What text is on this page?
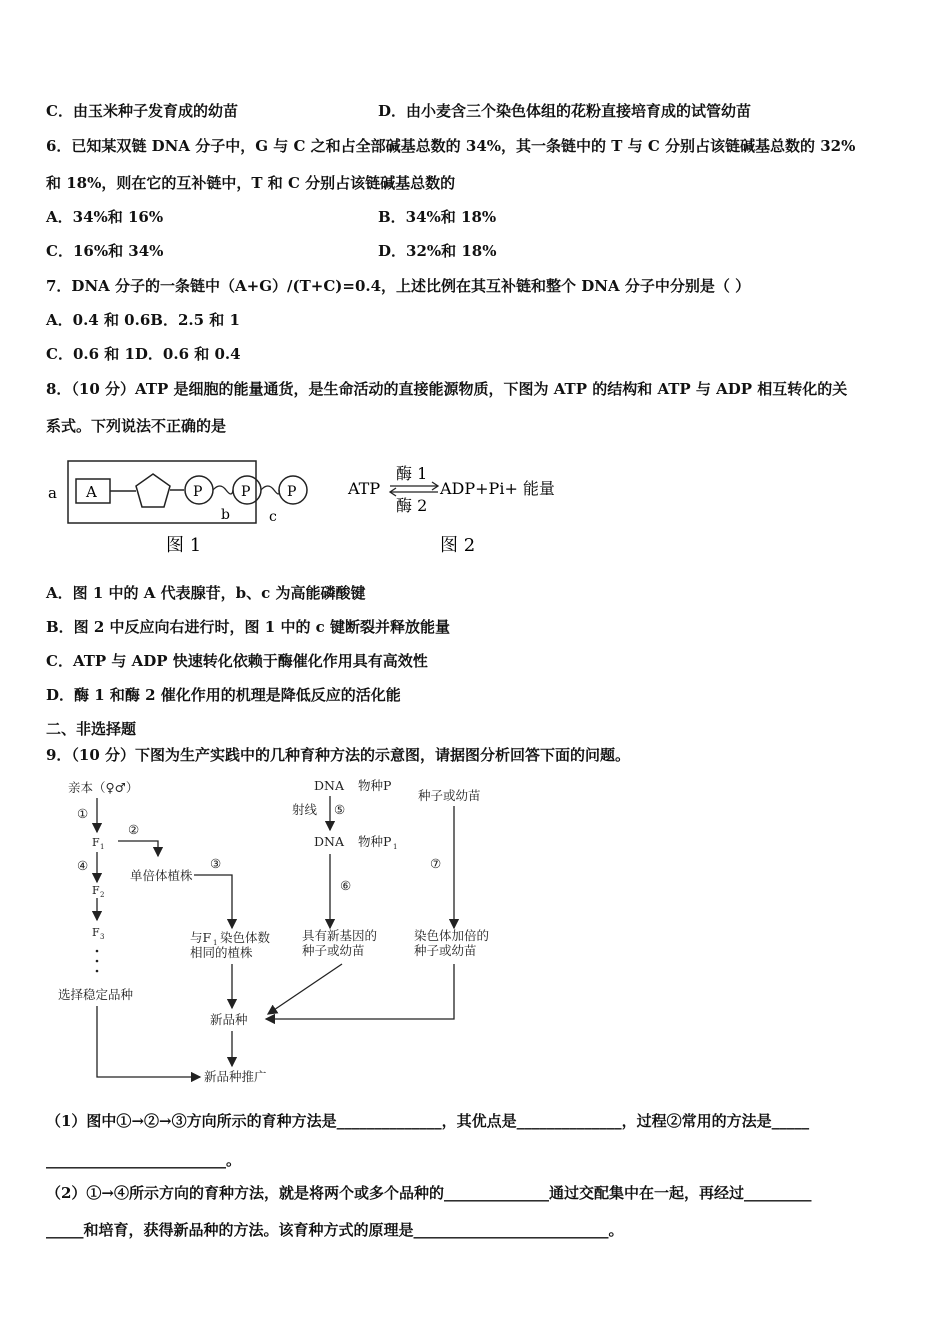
C．由玉米种子发育成的幼苗	D．由小麦含三个染色体组的花粉直接培育成的试管幼苗
6．已知某双链 DNA 分子中，G 与 C 之和占全部碱基总数的 34%，其一条链中的 T 与 C 分别占该链碱基总数的 32%
和 18%，则在它的互补链中，T 和 C 分别占该链碱基总数的
A．34%和 16%	B．34%和 18%
C．16%和 34%	D．32%和 18%
7．DNA 分子的一条链中（A+G）/(T+C)=0.4，上述比例在其互补链和整个 DNA 分子中分别是（ ）
A．0.4 和 0.6B．2.5 和 1
C．0.6 和 1D．0.6 和 0.4
8．（10 分）ATP 是细胞的能量通货，是生命活动的直接能源物质，下图为 ATP 的结构和 ATP 与 ADP 相互转化的关
系式。下列说法不正确的是
a A	P	P	P
b	c
图 1
ATP
酶 1
酶 2
ADP+Pi+ 能量
图 2
A．图 1 中的 A 代表腺苷，b、c 为高能磷酸键
B．图 2 中反应向右进行时，图 1 中的 c 键断裂并释放能量
C．ATP 与 ADP 快速转化依赖于酶催化作用具有高效性
D．酶 1 和酶 2 催化作用的机理是降低反应的活化能
二、非选择题
9．（10 分）下图为生产实践中的几种育种方法的示意图，请据图分析回答下面的问题。
亲本（♀♂）
①
F 1
④
F 2
F 3
选择稳定品种
②
单倍体植株
③
与F 1 染色体数
相同的植株
DNA 物种P
射线 ⑤
DNA 物种P 1
⑥
具有新基因的
种子或幼苗
种子或幼苗
⑦
染色体加倍的
种子或幼苗
新品种
新品种推广
（1）图中①→②→③方向所示的育种方法是______________，其优点是______________，过程②常用的方法是_____
________________________。
（2）①→④所示方向的育种方法，就是将两个或多个品种的______________通过交配集中在一起，再经过_________
_____和培育，获得新品种的方法。该育种方式的原理是__________________________。
